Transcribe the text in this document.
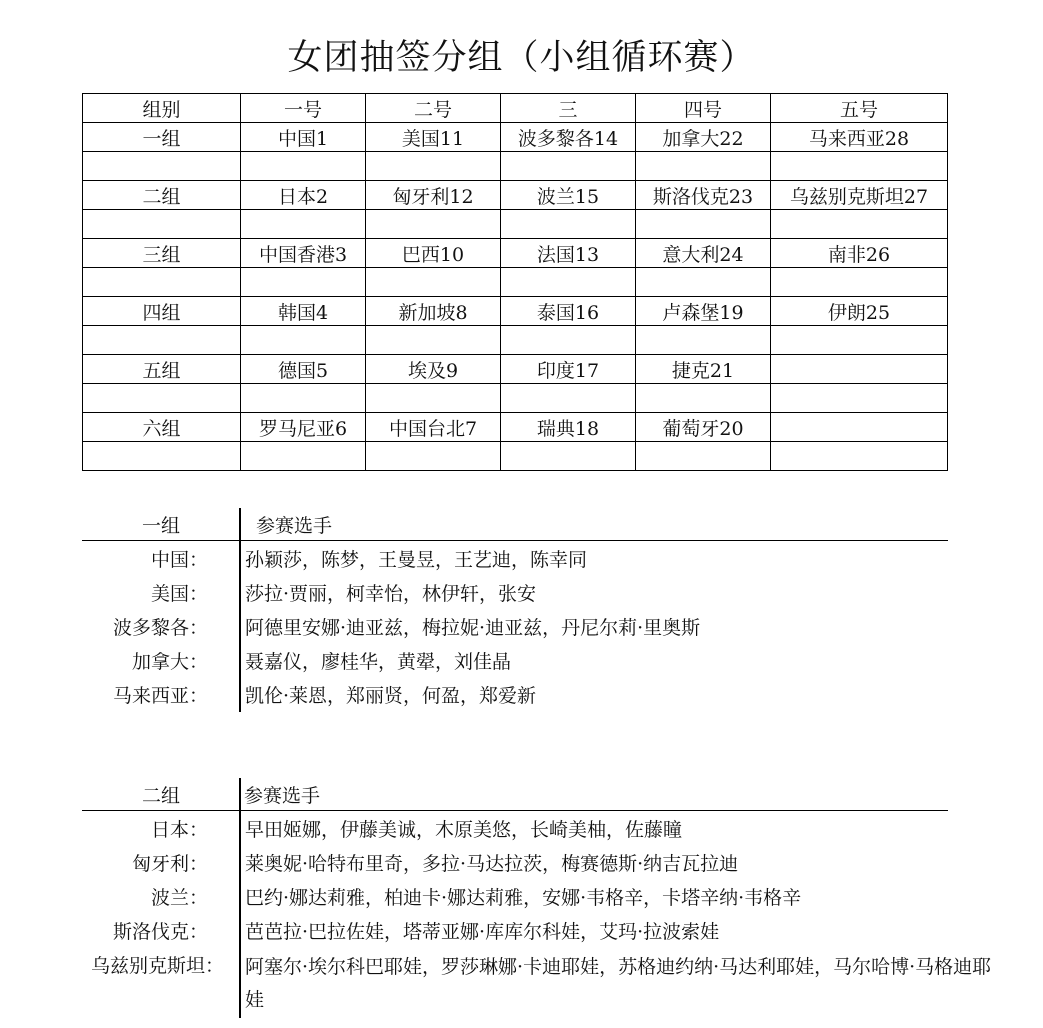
女团抽签分组（小组循环赛）
组别	一号	二号	三	四号	五号
一组	中国1	美国11	波多黎各14	加拿大22	马来西亚28

二组	日本2	匈牙利12	波兰15	斯洛伐克23	乌兹别克斯坦27

三组	中国香港3	巴西10	法国13	意大利24	南非26

四组	韩国4	新加坡8	泰国16	卢森堡19	伊朗25

五组	德国5	埃及9	印度17	捷克21	

六组	罗马尼亚6	中国台北7	瑞典18	葡萄牙20	

一组	参赛选手
中国： 孙颖莎，陈梦，王曼昱，王艺迪，陈幸同
美国： 莎拉·贾丽，柯幸怡，林伊轩，张安
波多黎各： 阿德里安娜·迪亚兹，梅拉妮·迪亚兹，丹尼尔莉·里奥斯
加拿大： 聂嘉仪，廖桂华，黄翚，刘佳晶
马来西亚： 凯伦·莱恩，郑丽贤，何盈，郑爱新
二组	参赛选手
日本： 早田姬娜，伊藤美诚，木原美悠，长崎美柚，佐藤瞳
匈牙利： 莱奥妮·哈特布里奇，多拉·马达拉茨，梅赛德斯·纳吉瓦拉迪
波兰： 巴约·娜达莉雅，柏迪卡·娜达莉雅，安娜·韦格辛，卡塔辛纳·韦格辛
斯洛伐克： 芭芭拉·巴拉佐娃，塔蒂亚娜·库库尔科娃，艾玛·拉波索娃
乌兹别克斯坦： 阿塞尔·埃尔科巴耶娃，罗莎琳娜·卡迪耶娃，苏格迪约纳·马达利耶娃，马尔哈博·马格迪耶娃
